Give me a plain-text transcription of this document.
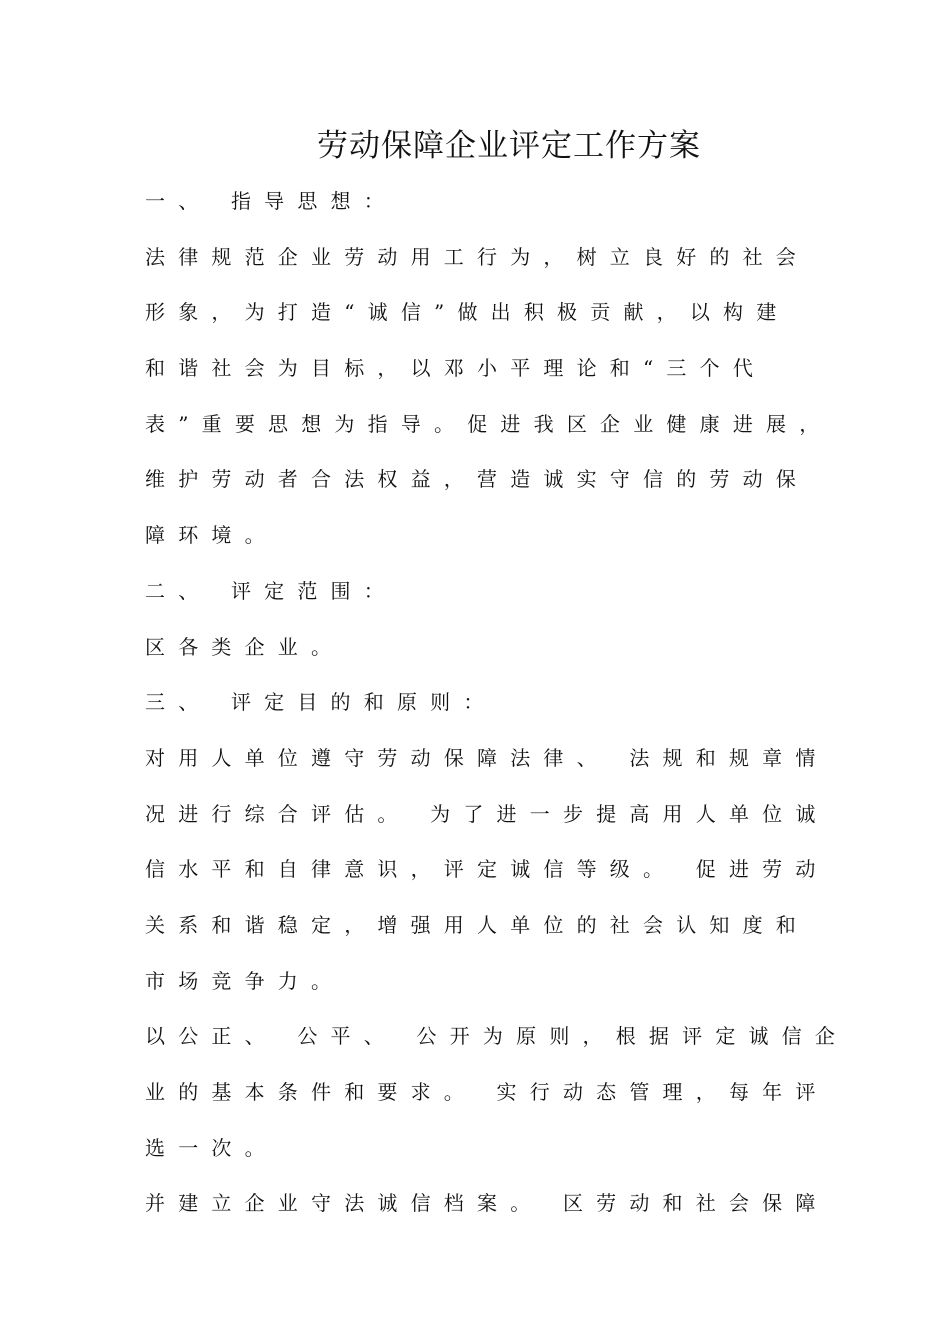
劳动保障企业评定工作方案
一、 指导思想：
法律规范企业劳动用工行为，树立良好的社会
形象，为打造“诚信”做出积极贡献，以构建
和谐社会为目标，以邓小平理论和“三个代
表”重要思想为指导。促进我区企业健康进展，
维护劳动者合法权益，营造诚实守信的劳动保
障环境。
二、 评定范围：
区各类企业。
三、 评定目的和原则：
对用人单位遵守劳动保障法律、 法规和规章情
况进行综合评估。 为了进一步提高用人单位诚
信水平和自律意识，评定诚信等级。 促进劳动
关系和谐稳定，增强用人单位的社会认知度和
市场竞争力。
以公正、 公平、 公开为原则，根据评定诚信企
业的基本条件和要求。 实行动态管理，每年评
选一次。
并建立企业守法诚信档案。 区劳动和社会保障
